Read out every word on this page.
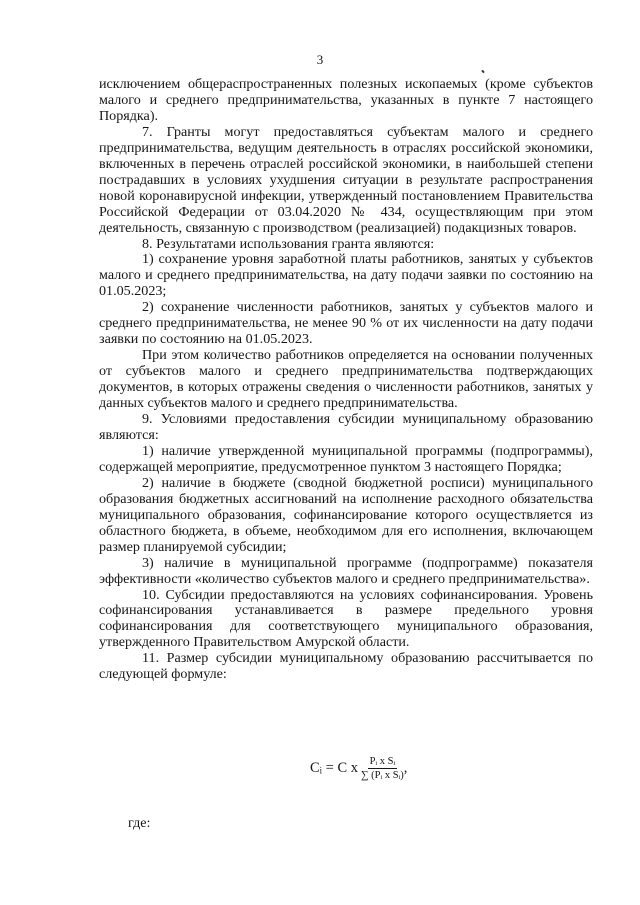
3

исключением общераспространенных полезных ископаемых (кроме субъектов малого и среднего предпринимательства, указанных в пункте 7 настоящего Порядка).

7. Гранты могут предоставляться субъектам малого и среднего предпринимательства, ведущим деятельность в отраслях российской экономики, включенных в перечень отраслей российской экономики, в наибольшей степени пострадавших в условиях ухудшения ситуации в результате распространения новой коронавирусной инфекции, утвержденный постановлением Правительства Российской Федерации от 03.04.2020 № 434, осуществляющим при этом деятельность, связанную с производством (реализацией) подакцизных товаров.

8. Результатами использования гранта являются:

1) сохранение уровня заработной платы работников, занятых у субъектов малого и среднего предпринимательства, на дату подачи заявки по состоянию на 01.05.2023;

2) сохранение численности работников, занятых у субъектов малого и среднего предпринимательства, не менее 90 % от их численности на дату подачи заявки по состоянию на 01.05.2023.

При этом количество работников определяется на основании полученных от субъектов малого и среднего предпринимательства подтверждающих документов, в которых отражены сведения о численности работников, занятых у данных субъектов малого и среднего предпринимательства.

9. Условиями предоставления субсидии муниципальному образованию являются:

1) наличие утвержденной муниципальной программы (подпрограммы), содержащей мероприятие, предусмотренное пунктом 3 настоящего Порядка;

2) наличие в бюджете (сводной бюджетной росписи) муниципального образования бюджетных ассигнований на исполнение расходного обязательства муниципального образования, софинансирование которого осуществляется из областного бюджета, в объеме, необходимом для его исполнения, включающем размер планируемой субсидии;

3) наличие в муниципальной программе (подпрограмме) показателя эффективности «количество субъектов малого и среднего предпринимательства».

10. Субсидии предоставляются на условиях софинансирования. Уровень софинансирования устанавливается в размере предельного уровня софинансирования для соответствующего муниципального образования, утвержденного Правительством Амурской области.

11. Размер субсидии муниципальному образованию рассчитывается по следующей формуле:

Cᵢ = C x $\frac{\text{Pᵢ x Sᵢ}}{\text{∑ (Pᵢ x Sᵢ)}}$ ,
где:
